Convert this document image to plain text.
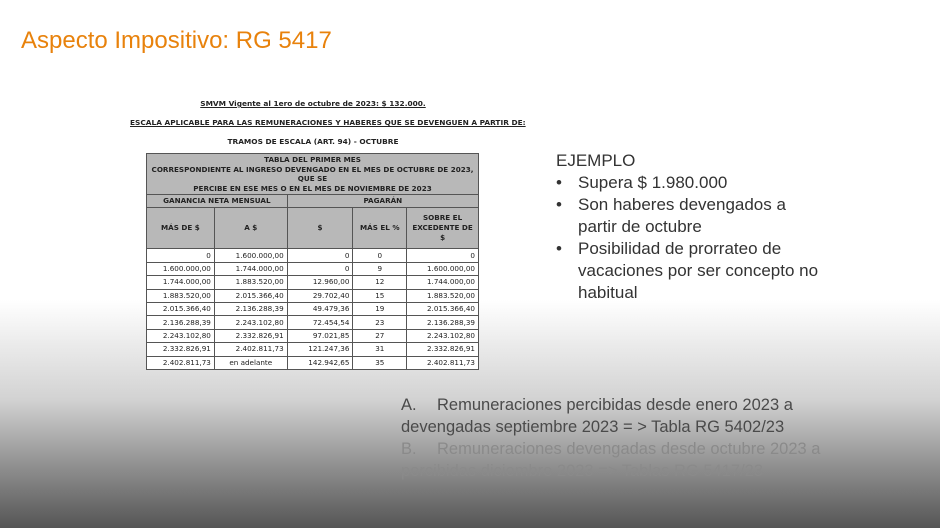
Aspecto Impositivo: RG 5417
SMVM Vigente al 1ero de octubre de 2023: $ 132.000.
ESCALA APLICABLE PARA LAS REMUNERACIONES Y HABERES QUE SE DEVENGUEN A PARTIR DE:
TRAMOS DE ESCALA (ART. 94) - OCTUBRE
TABLA DEL PRIMER MES
CORRESPONDIENTE AL INGRESO DEVENGADO EN EL MES DE OCTUBRE DE 2023, QUE SE
PERCIBE EN ESE MES O EN EL MES DE NOVIEMBRE DE 2023				

GANANCIA NETA MENSUAL		PAGARÁN		
MÁS DE $	A $	$	MÁS EL %	SOBRE EL EXCEDENTE DE $
0	1.600.000,00	0	0	0
1.600.000,00	1.744.000,00	0	9	1.600.000,00
1.744.000,00	1.883.520,00	12.960,00	12	1.744.000,00
1.883.520,00	2.015.366,40	29.702,40	15	1.883.520,00
2.015.366,40	2.136.288,39	49.479,36	19	2.015.366,40
2.136.288,39	2.243.102,80	72.454,54	23	2.136.288,39
2.243.102,80	2.332.826,91	97.021,85	27	2.243.102,80
2.332.826,91	2.402.811,73	121.247,36	31	2.332.826,91
2.402.811,73	en adelante	142.942,65	35	2.402.811,73
EJEMPLO
• Supera $ 1.980.000
• Son haberes devengados a partir de octubre
• Posibilidad de prorrateo de vacaciones por ser concepto no habitual
A. Remuneraciones percibidas desde enero 2023 a
devengadas septiembre 2023 = > Tabla RG 5402/23
B. Remuneraciones devengadas desde octubre 2023 a
percibidas diciembre 2023 => Tablas RG 5417/23
